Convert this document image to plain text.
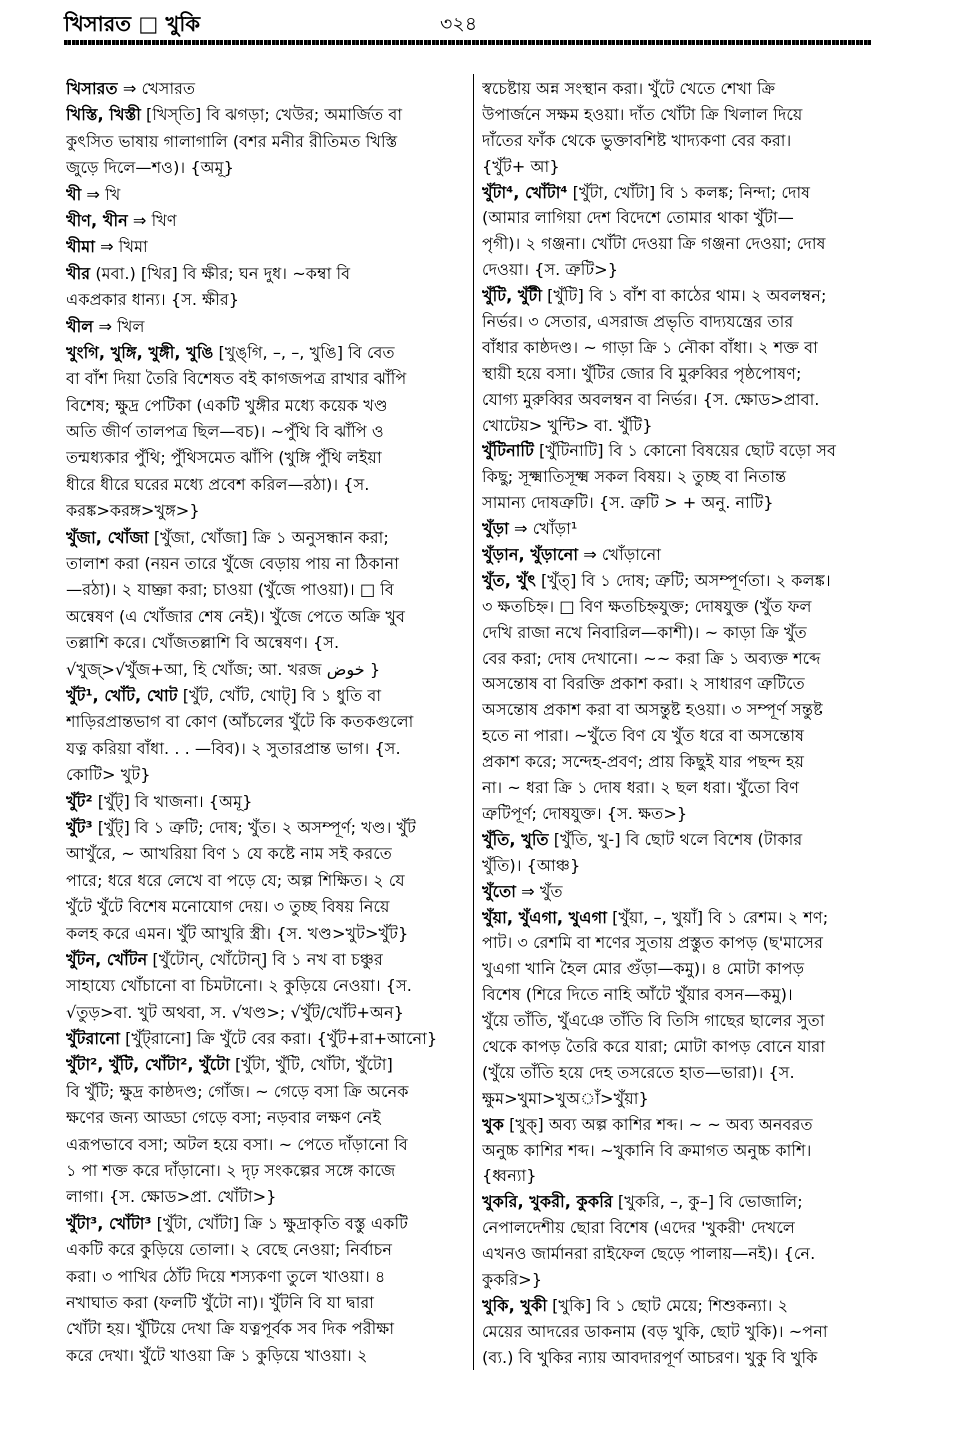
খিসারত □ খুকি	৩২৪
খিসারত ⇒ খেসারত
খিস্তি, খিস্তী [খিস্‌তি] বি ঝগড়া; খেউর; অমার্জিত বা
কুৎসিত ভাষায় গালাগালি (বশর মনীর রীতিমত খিস্তি
জুড়ে দিলে—শও)। {অমূ}
খী ⇒ খি
খীণ, খীন ⇒ খিণ
খীমা ⇒ খিমা
খীর (মবা.) [খির] বি ক্ষীর; ঘন দুধ। ~কম্বা বি
একপ্রকার ধান্য। {স. ক্ষীর}
খীল ⇒ খিল
খুংগি, খুঙ্গি, খুঙ্গী, খুঙি [খুঙ্‌গি, –, –, খুঙি] বি বেত
বা বাঁশ দিয়া তৈরি বিশেষত বই কাগজপত্র রাখার ঝাঁপি
বিশেষ; ক্ষুদ্র পেটিকা (একটি খুঙ্গীর মধ্যে কয়েক খণ্ড
অতি জীর্ণ তালপত্র ছিল—বচ)। ~পুঁথি বি ঝাঁপি ও
তন্মধ্যকার পুঁথি; পুঁথিসমেত ঝাঁপি (খুঙ্গি পুঁথি লইয়া
ধীরে ধীরে ঘরের মধ্যে প্রবেশ করিল—রঠা)। {স.
করঙ্ক>করঙ্গ>খুঙ্গ>}
খুঁজা, খোঁজা [খুঁজা, খোঁজা] ক্রি ১ অনুসন্ধান করা;
তালাশ করা (নয়ন তারে খুঁজে বেড়ায় পায় না ঠিকানা
—রঠা)। ২ যাচ্ঞা করা; চাওয়া (খুঁজে পাওয়া)। □ বি
অন্বেষণ (এ খোঁজার শেষ নেই)। খুঁজে পেতে অক্রি খুব
তল্লাশি করে। খোঁজতল্লাশি বি অন্বেষণ। {স.
√খুজ্>√খুঁজ+আ, হি খোঁজ; আ. খরজ خوض }
খুঁট¹, খোঁট, খোট [খুঁট, খোঁট, খোট্] বি ১ ধুতি বা
শাড়িরপ্রান্তভাগ বা কোণ (আঁচলের খুঁটে কি কতকগুলো
যত্ন করিয়া বাঁধা. . . —বিব)। ২ সুতারপ্রান্ত ভাগ। {স.
কোটি> খুট}
খুঁট² [খুঁট্] বি খাজনা। {অমূ}
খুঁট³ [খুঁট্] বি ১ ত্রুটি; দোষ; খুঁত। ২ অসম্পূর্ণ; খণ্ড। খুঁট
আখুঁরে, ~ আখরিয়া বিণ ১ যে কষ্টে নাম সই করতে
পারে; ধরে ধরে লেখে বা পড়ে যে; অল্প শিক্ষিত। ২ যে
খুঁটে খুঁটে বিশেষ মনোযোগ দেয়। ৩ তুচ্ছ বিষয় নিয়ে
কলহ করে এমন। খুঁট আখুরি স্ত্রী। {স. খণ্ড>খুট>খুঁট}
খুঁটন, খোঁটন [খুঁটোন্, খোঁটোন্] বি ১ নখ বা চঞ্চুর
সাহায্যে খোঁচানো বা চিমটানো। ২ কুড়িয়ে নেওয়া। {স.
√তুড়>বা. খুট অথবা, স. √খণ্ড>; √খুঁট/খোঁট+অন}
খুঁটরানো [খুঁট্‌রানো] ক্রি খুঁটে বের করা। {খুঁট+রা+আনো}
খুঁটা², খুঁটি, খোঁটা², খুঁটো [খুঁটা, খুঁটি, খোঁটা, খুঁটো]
বি খুঁটি; ক্ষুদ্র কাষ্ঠদণ্ড; গোঁজ। ~ গেড়ে বসা ক্রি অনেক
ক্ষণের জন্য আড্ডা গেড়ে বসা; নড়বার লক্ষণ নেই
এরূপভাবে বসা; অটল হয়ে বসা। ~ পেতে দাঁড়ানো বি
১ পা শক্ত করে দাঁড়ানো। ২ দৃঢ় সংকল্পের সঙ্গে কাজে
লাগা। {স. ক্ষোড>প্রা. খোঁটা>}
খুঁটা³, খোঁটা³ [খুঁটা, খোঁটা] ক্রি ১ ক্ষুদ্রাকৃতি বস্তু একটি
একটি করে কুড়িয়ে তোলা। ২ বেছে নেওয়া; নির্বাচন
করা। ৩ পাখির ঠোঁট দিয়ে শস্যকণা তুলে খাওয়া। ৪
নখাঘাত করা (ফলটি খুঁটো না)। খুঁটনি বি যা দ্বারা
খোঁটা হয়। খুঁটিয়ে দেখা ক্রি যত্নপূর্বক সব দিক পরীক্ষা
করে দেখা। খুঁটে খাওয়া ক্রি ১ কুড়িয়ে খাওয়া। ২
স্বচেষ্টায় অন্ন সংস্থান করা। খুঁটে খেতে শেখা ক্রি
উপার্জনে সক্ষম হওয়া। দাঁত খোঁটা ক্রি খিলাল দিয়ে
দাঁতের ফাঁক থেকে ভুক্তাবশিষ্ট খাদ্যকণা বের করা।
{খুঁট+ আ}
খুঁটা⁴, খোঁটা⁴ [খুঁটা, খোঁটা] বি ১ কলঙ্ক; নিন্দা; দোষ
(আমার লাগিয়া দেশ বিদেশে তোমার থাকা খুঁটা—
পৃগী)। ২ গঞ্জনা। খোঁটা দেওয়া ক্রি গঞ্জনা দেওয়া; দোষ
দেওয়া। {স. ত্রুটি>}
খুঁটি, খুঁটী [খুঁটি] বি ১ বাঁশ বা কাঠের থাম। ২ অবলম্বন;
নির্ভর। ৩ সেতার, এসরাজ প্রভৃতি বাদ্যযন্ত্রের তার
বাঁধার কাষ্ঠদণ্ড। ~ গাড়া ক্রি ১ নৌকা বাঁধা। ২ শক্ত বা
স্থায়ী হয়ে বসা। খুঁটির জোর বি মুরুব্বির পৃষ্ঠপোষণ;
যোগ্য মুরুব্বির অবলম্বন বা নির্ভর। {স. ক্ষোড>প্রাবা.
খোটেয়> খুন্টি> বা. খুঁটি}
খুঁটিনাটি [খুঁটিনাটি] বি ১ কোনো বিষয়ের ছোট বড়ো সব
কিছু; সূক্ষ্মাতিসূক্ষ্ম সকল বিষয়। ২ তুচ্ছ বা নিতান্ত
সামান্য দোষত্রুটি। {স. ত্রুটি > + অনু. নাটি}
খুঁড়া ⇒ খোঁড়া¹
খুঁড়ান, খুঁড়ানো ⇒ খোঁড়ানো
খুঁত, খুঁৎ [খুঁত্] বি ১ দোষ; ত্রুটি; অসম্পূর্ণতা। ২ কলঙ্ক।
৩ ক্ষতচিহ্ন। □ বিণ ক্ষতচিহ্নযুক্ত; দোষযুক্ত (খুঁত ফল
দেখি রাজা নখে নিবারিল—কাশী)। ~ কাড়া ক্রি খুঁত
বের করা; দোষ দেখানো। ~~ করা ক্রি ১ অব্যক্ত শব্দে
অসন্তোষ বা বিরক্তি প্রকাশ করা। ২ সাধারণ ত্রুটিতে
অসন্তোষ প্রকাশ করা বা অসন্তুষ্ট হওয়া। ৩ সম্পূর্ণ সন্তুষ্ট
হতে না পারা। ~খুঁতে বিণ যে খুঁত ধরে বা অসন্তোষ
প্রকাশ করে; সন্দেহ-প্রবণ; প্রায় কিছুই যার পছন্দ হয়
না। ~ ধরা ক্রি ১ দোষ ধরা। ২ ছল ধরা। খুঁতো বিণ
ত্রুটিপূর্ণ; দোষযুক্ত। {স. ক্ষত>}
খুঁতি, খুতি [খুঁতি, খু-] বি ছোট থলে বিশেষ (টাকার
খুঁতি)। {আঞ্চ}
খুঁতো ⇒ খুঁত
খুঁয়া, খুঁএগা, খুএগা [খুঁয়া, –, খুয়াঁ] বি ১ রেশম। ২ শণ;
পাট। ৩ রেশমি বা শণের সুতায় প্রস্তুত কাপড় (ছ'মাসের
খুএগা খানি হৈল মোর গুঁড়া—কমু)। ৪ মোটা কাপড়
বিশেষ (শিরে দিতে নাহি আঁটে খুঁয়ার বসন—কমু)।
খুঁয়ে তাঁতি, খুঁএঞে তাঁতি বি তিসি গাছের ছালের সুতা
থেকে কাপড় তৈরি করে যারা; মোটা কাপড় বোনে যারা
(খুঁয়ে তাঁতি হয়ে দেহ তসরেতে হাত—ভারা)। {স.
ক্ষুম>খুমা>খুঅাঁ>খুঁয়া}
খুক [খুক্] অব্য অল্প কাশির শব্দ। ~ ~ অব্য অনবরত
অনুচ্চ কাশির শব্দ। ~খুকানি বি ক্রমাগত অনুচ্চ কাশি।
{ধ্বন্যা}
খুকরি, খুকরী, কুকরি [খুকরি, –, কু–] বি ভোজালি;
নেপালদেশীয় ছোরা বিশেষ (এদের 'খুকরী' দেখলে
এখনও জার্মানরা রাইফেল ছেড়ে পালায়—নই)। {নে.
কুকরি>}
খুকি, খুকী [খুকি] বি ১ ছোট মেয়ে; শিশুকন্যা। ২
মেয়ের আদরের ডাকনাম (বড় খুকি, ছোট খুকি)। ~পনা
(ব্য.) বি খুকির ন্যায় আবদারপূর্ণ আচরণ। খুকু বি খুকি
